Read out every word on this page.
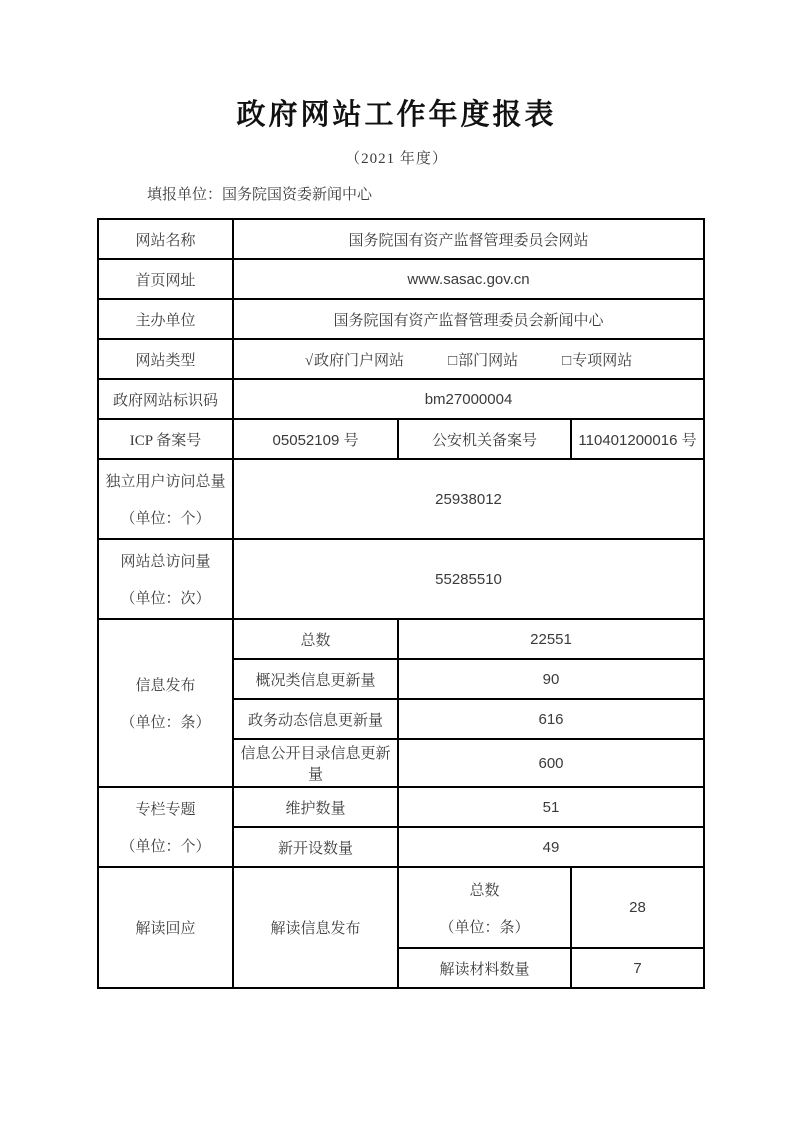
政府网站工作年度报表
（2021 年度）
填报单位：国务院国资委新闻中心
网站名称	国务院国有资产监督管理委员会网站		
首页网址	www.sasac.gov.cn		
主办单位	国务院国有资产监督管理委员会新闻中心		
网站类型	√政府门户网站 □部门网站 □专项网站		

政府网站标识码	bm27000004		
ICP 备案号	05052109 号	公安机关备案号	110401200016 号

独立用户访问总量
（单位：个）	25938012		

网站总访问量
（单位：次）	55285510		

信息发布
（单位：条）	总数	22551	
	概况类信息更新量	90	
	政务动态信息更新量	616	
	信息公开目录信息更新量	600	

专栏专题
（单位：个）	维护数量	51	
	新开设数量	49	
解读回应	解读信息发布	总数
（单位：条）	28
		解读材料数量	7
